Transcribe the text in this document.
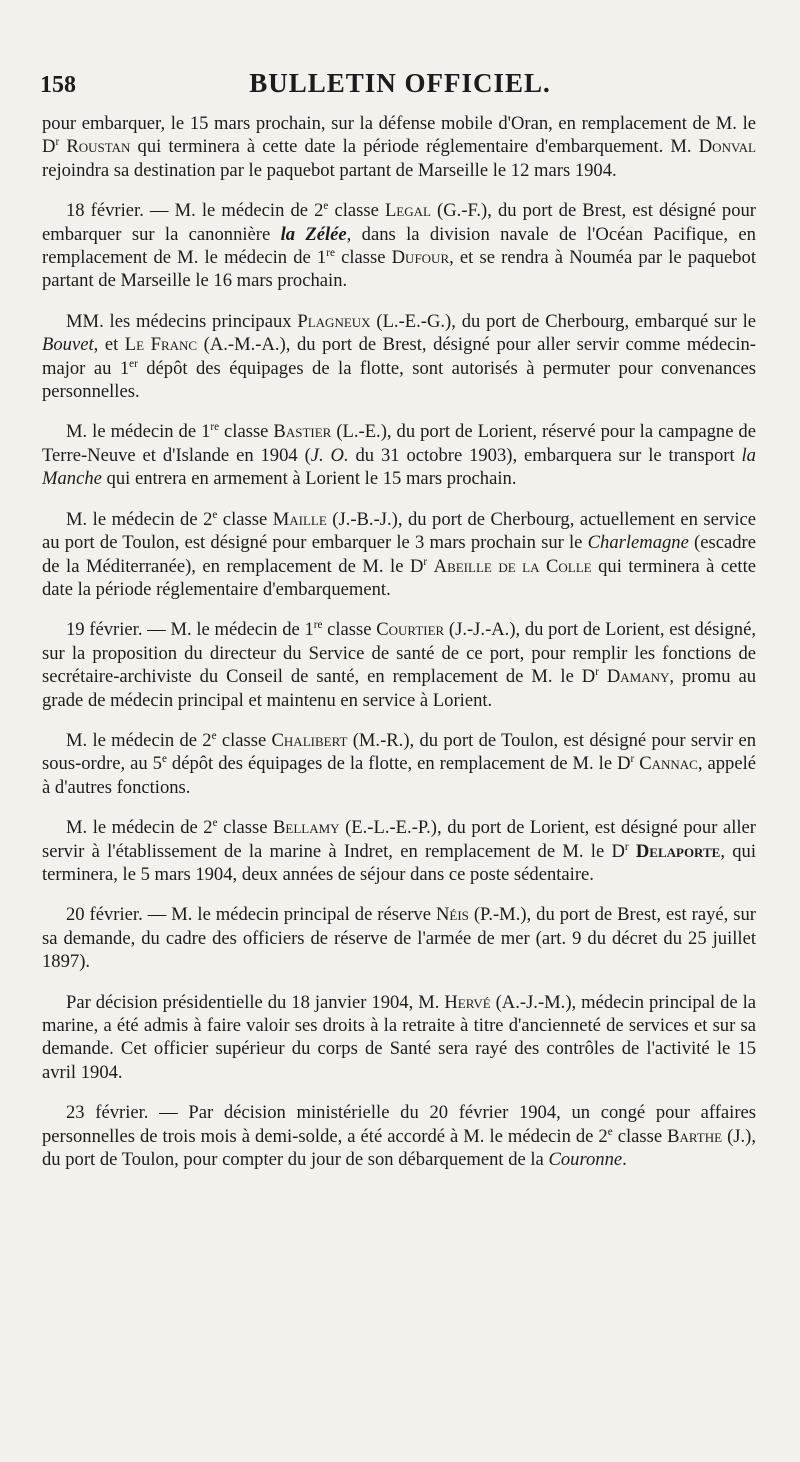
158	BULLETIN OFFICIEL.

pour embarquer, le 15 mars prochain, sur la défense mobile d'Oran, en remplacement de M. le $D^r$ Roustan qui terminera à cette date la période réglementaire d'embarquement. M. Donval rejoindra sa destination par le paquebot partant de Marseille le 12 mars 1904.

18 février. — M. le médecin de 2e classe Legal (G.-F.), du port de Brest, est désigné pour embarquer sur la canonnière la Zélée, dans la division navale de l'Océan Pacifique, en remplacement de M. le médecin de 1re classe Dufour, et se rendra à Nouméa par le paquebot partant de Marseille le 16 mars prochain.

MM. les médecins principaux Plagneux (L.-E.-G.), du port de Cherbourg, embarqué sur le Bouvet, et Le Franc (A.-M.-A.), du port de Brest, désigné pour aller servir comme médecin-major au 1er dépôt des équipages de la flotte, sont autorisés à permuter pour convenances personnelles.

M. le médecin de 1re classe Bastier (L.-E.), du port de Lorient, réservé pour la campagne de Terre-Neuve et d'Islande en 1904 (J. O. du 31 octobre 1903), embarquera sur le transport la Manche qui entrera en armement à Lorient le 15 mars prochain.

M. le médecin de 2e classe Maille (J.-B.-J.), du port de Cherbourg, actuellement en service au port de Toulon, est désigné pour embarquer le 3 mars prochain sur le Charlemagne (escadre de la Méditerranée), en remplacement de M. le $D^r$ Abeille de la Colle qui terminera à cette date la période réglementaire d'embarquement.

19 février. — M. le médecin de 1re classe Courtier (J.-J.-A.), du port de Lorient, est désigné, sur la proposition du directeur du Service de santé de ce port, pour remplir les fonctions de secrétaire-archiviste du Conseil de santé, en remplacement de M. le $D^r$ Damany, promu au grade de médecin principal et maintenu en service à Lorient.

M. le médecin de 2e classe Chalibert (M.-R.), du port de Toulon, est désigné pour servir en sous-ordre, au 5e dépôt des équipages de la flotte, en remplacement de M. le $D^r$ Cannac, appelé à d'autres fonctions.

M. le médecin de 2e classe Bellamy (E.-L.-E.-P.), du port de Lorient, est désigné pour aller servir à l'établissement de la marine à Indret, en remplacement de M. le $D^r$ Delaporte, qui terminera, le 5 mars 1904, deux années de séjour dans ce poste sédentaire.

20 février. — M. le médecin principal de réserve Néis (P.-M.), du port de Brest, est rayé, sur sa demande, du cadre des officiers de réserve de l'armée de mer (art. 9 du décret du 25 juillet 1897).

Par décision présidentielle du 18 janvier 1904, M. Hervé (A.-J.-M.), médecin principal de la marine, a été admis à faire valoir ses droits à la retraite à titre d'ancienneté de services et sur sa demande. Cet officier supérieur du corps de Santé sera rayé des contrôles de l'activité le 15 avril 1904.

23 février. — Par décision ministérielle du 20 février 1904, un congé pour affaires personnelles de trois mois à demi-solde, a été accordé à M. le médecin de 2e classe Barthe (J.), du port de Toulon, pour compter du jour de son débarquement de la Couronne.
